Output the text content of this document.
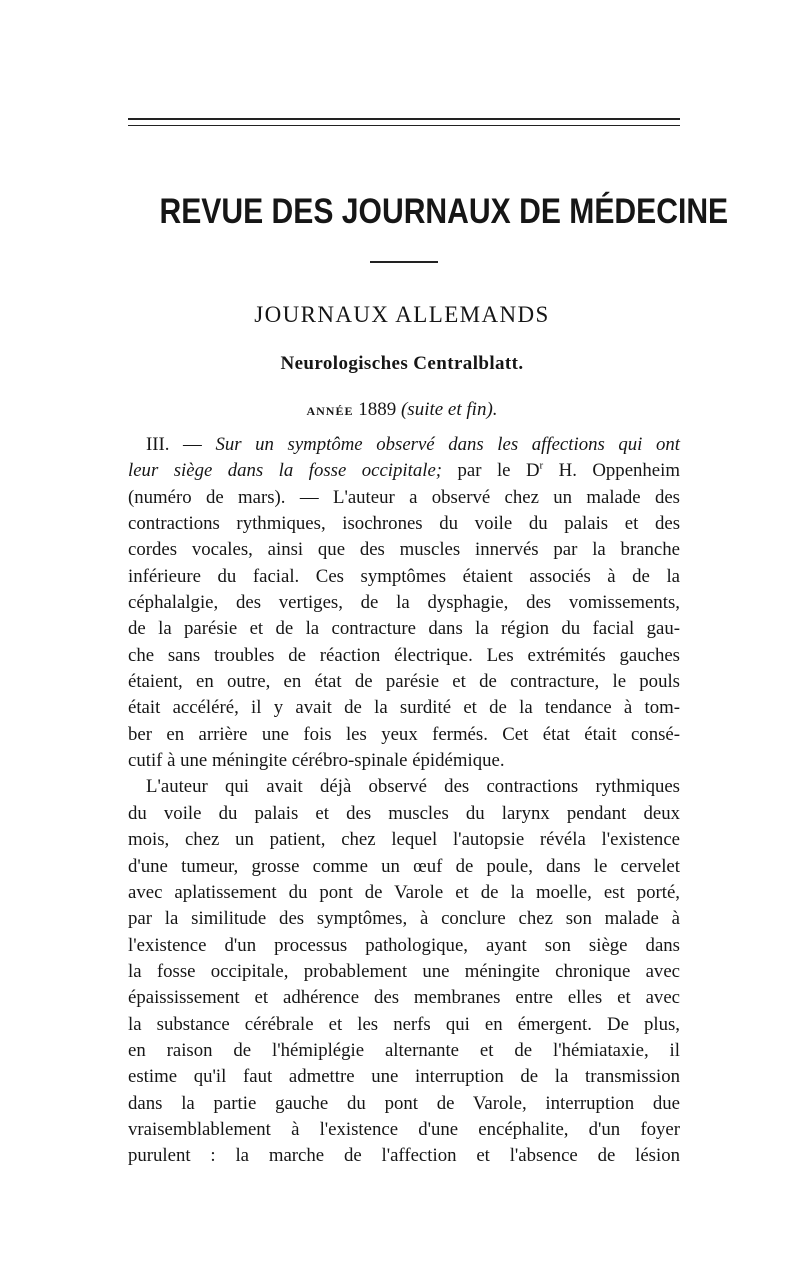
REVUE DES JOURNAUX DE MÉDECINE
JOURNAUX ALLEMANDS
Neurologisches Centralblatt.
ANNÉE 1889 (suite et fin).
III. — Sur un symptôme observé dans les affections qui ont
leur siège dans la fosse occipitale; par le $D^r$ H. Oppenheim
(numéro de mars). — L'auteur a observé chez un malade des
contractions rythmiques, isochrones du voile du palais et des
cordes vocales, ainsi que des muscles innervés par la branche
inférieure du facial. Ces symptômes étaient associés à de la
céphalalgie, des vertiges, de la dysphagie, des vomissements,
de la parésie et de la contracture dans la région du facial gau-
che sans troubles de réaction électrique. Les extrémités gauches
étaient, en outre, en état de parésie et de contracture, le pouls
était accéléré, il y avait de la surdité et de la tendance à tom-
ber en arrière une fois les yeux fermés. Cet état était consé-
cutif à une méningite cérébro-spinale épidémique.
L'auteur qui avait déjà observé des contractions rythmiques
du voile du palais et des muscles du larynx pendant deux
mois, chez un patient, chez lequel l'autopsie révéla l'existence
d'une tumeur, grosse comme un œuf de poule, dans le cervelet
avec aplatissement du pont de Varole et de la moelle, est porté,
par la similitude des symptômes, à conclure chez son malade à
l'existence d'un processus pathologique, ayant son siège dans
la fosse occipitale, probablement une méningite chronique avec
épaississement et adhérence des membranes entre elles et avec
la substance cérébrale et les nerfs qui en émergent. De plus,
en raison de l'hémiplégie alternante et de l'hémiataxie, il
estime qu'il faut admettre une interruption de la transmission
dans la partie gauche du pont de Varole, interruption due
vraisemblablement à l'existence d'une encéphalite, d'un foyer
purulent : la marche de l'affection et l'absence de lésion
